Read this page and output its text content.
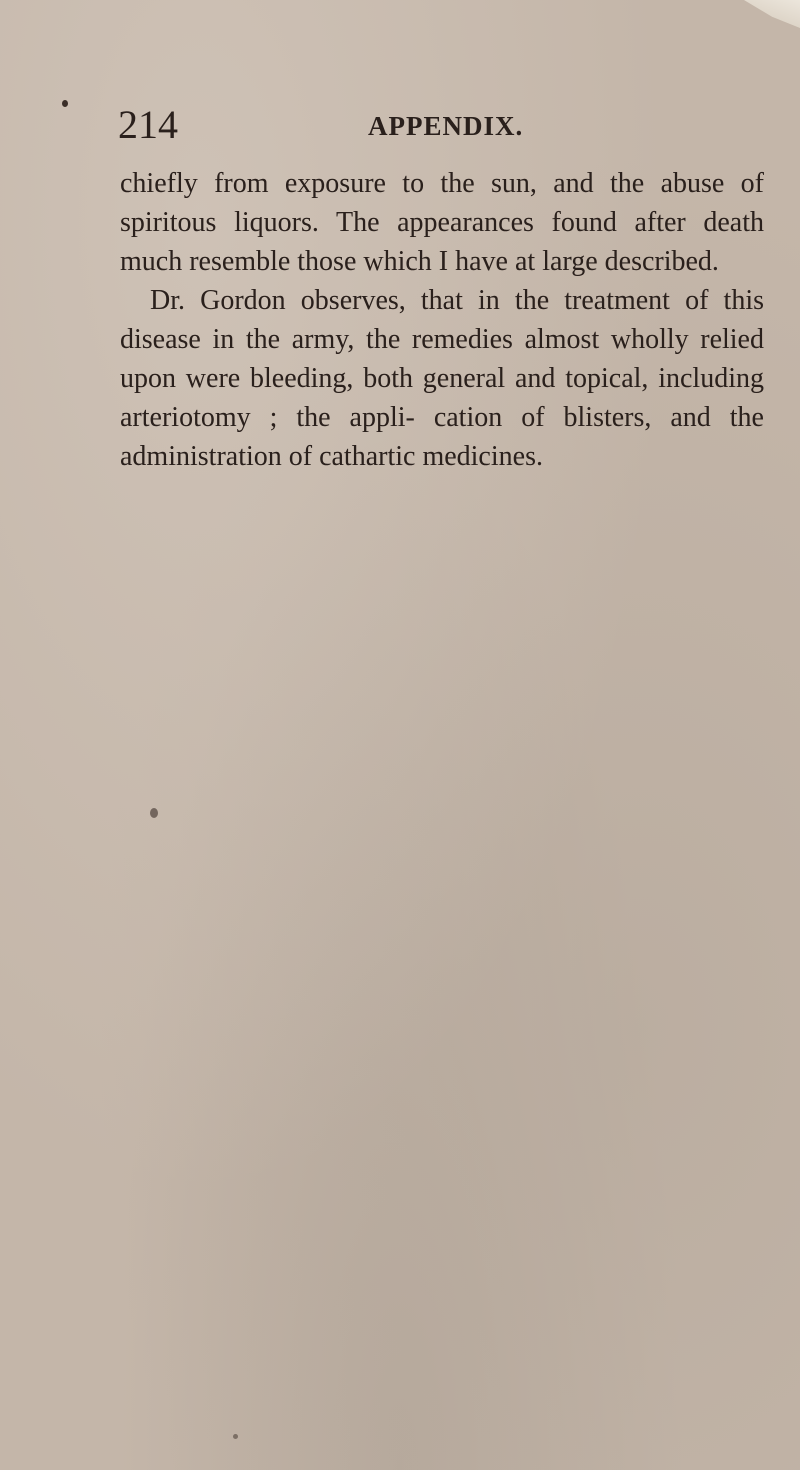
214	APPENDIX.

chiefly from exposure to the sun, and the abuse of spiritous liquors. The appearances found after death much resemble those which I have at large described.

Dr. Gordon observes, that in the treatment of this disease in the army, the remedies almost wholly relied upon were bleeding, both general and topical, including arteriotomy ; the appli- cation of blisters, and the administration of cathartic medicines.
